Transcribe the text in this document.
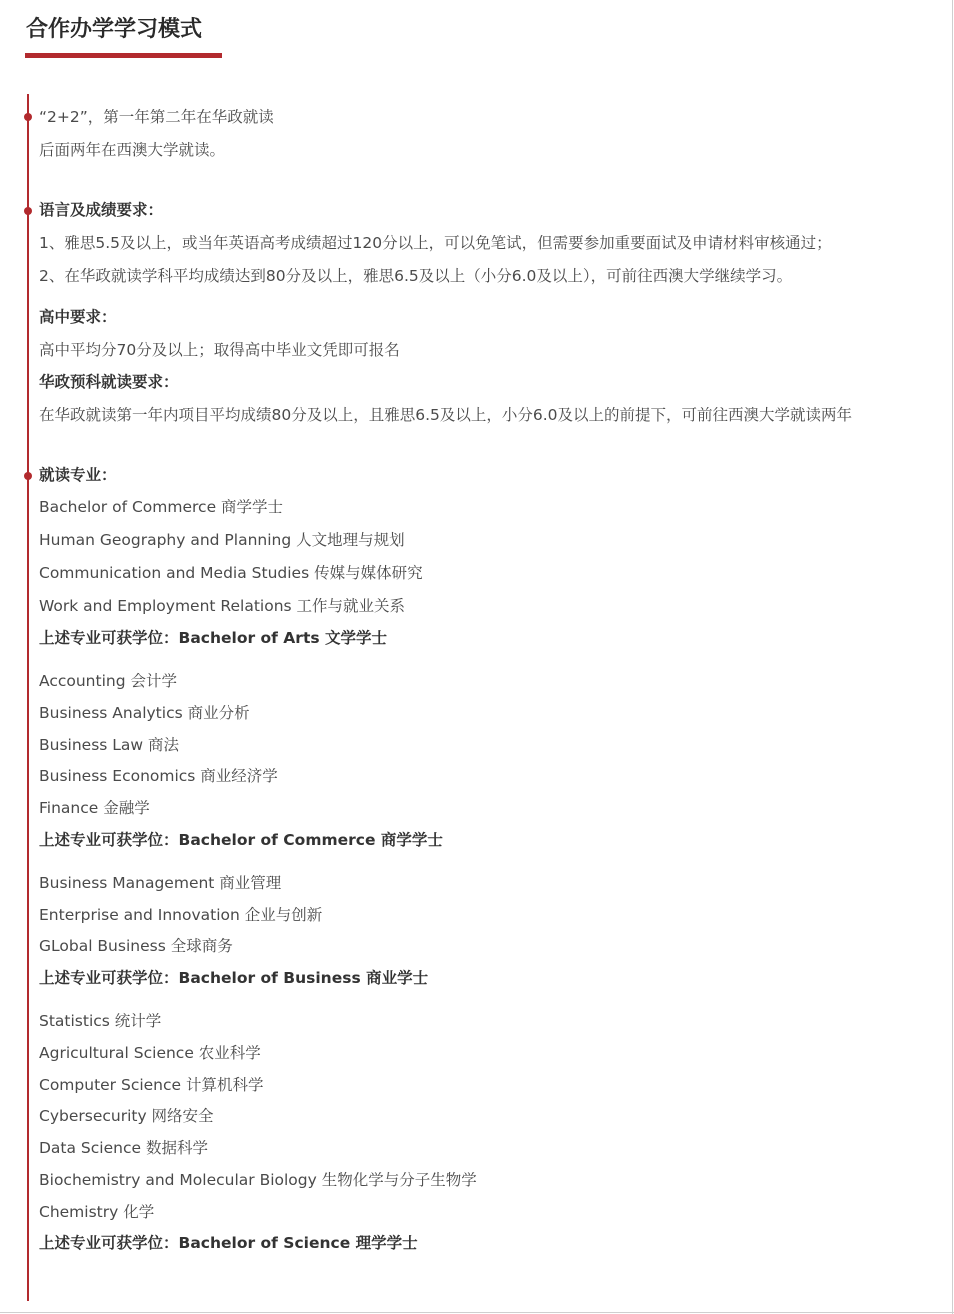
合作办学学习模式

“2+2”，第一年第二年在华政就读

后面两年在西澳大学就读。

语言及成绩要求：

1、雅思5.5及以上，或当年英语高考成绩超过120分以上，可以免笔试，但需要参加重要面试及申请材料审核通过；

2、在华政就读学科平均成绩达到80分及以上，雅思6.5及以上（小分6.0及以上），可前往西澳大学继续学习。

高中要求：

高中平均分70分及以上；取得高中毕业文凭即可报名

华政预科就读要求：

在华政就读第一年内项目平均成绩80分及以上，且雅思6.5及以上，小分6.0及以上的前提下，可前往西澳大学就读两年

就读专业：

Bachelor of Commerce 商学学士

Human Geography and Planning 人文地理与规划

Communication and Media Studies 传媒与媒体研究

Work and Employment Relations 工作与就业关系

上述专业可获学位：Bachelor of Arts 文学学士

Accounting 会计学

Business Analytics 商业分析

Business Law 商法

Business Economics 商业经济学

Finance 金融学

上述专业可获学位：Bachelor of Commerce 商学学士

Business Management 商业管理

Enterprise and Innovation 企业与创新

GLobal Business 全球商务

上述专业可获学位：Bachelor of Business 商业学士

Statistics 统计学

Agricultural Science 农业科学

Computer Science 计算机科学

Cybersecurity 网络安全

Data Science 数据科学

Biochemistry and Molecular Biology 生物化学与分子生物学

Chemistry 化学

上述专业可获学位：Bachelor of Science 理学学士
